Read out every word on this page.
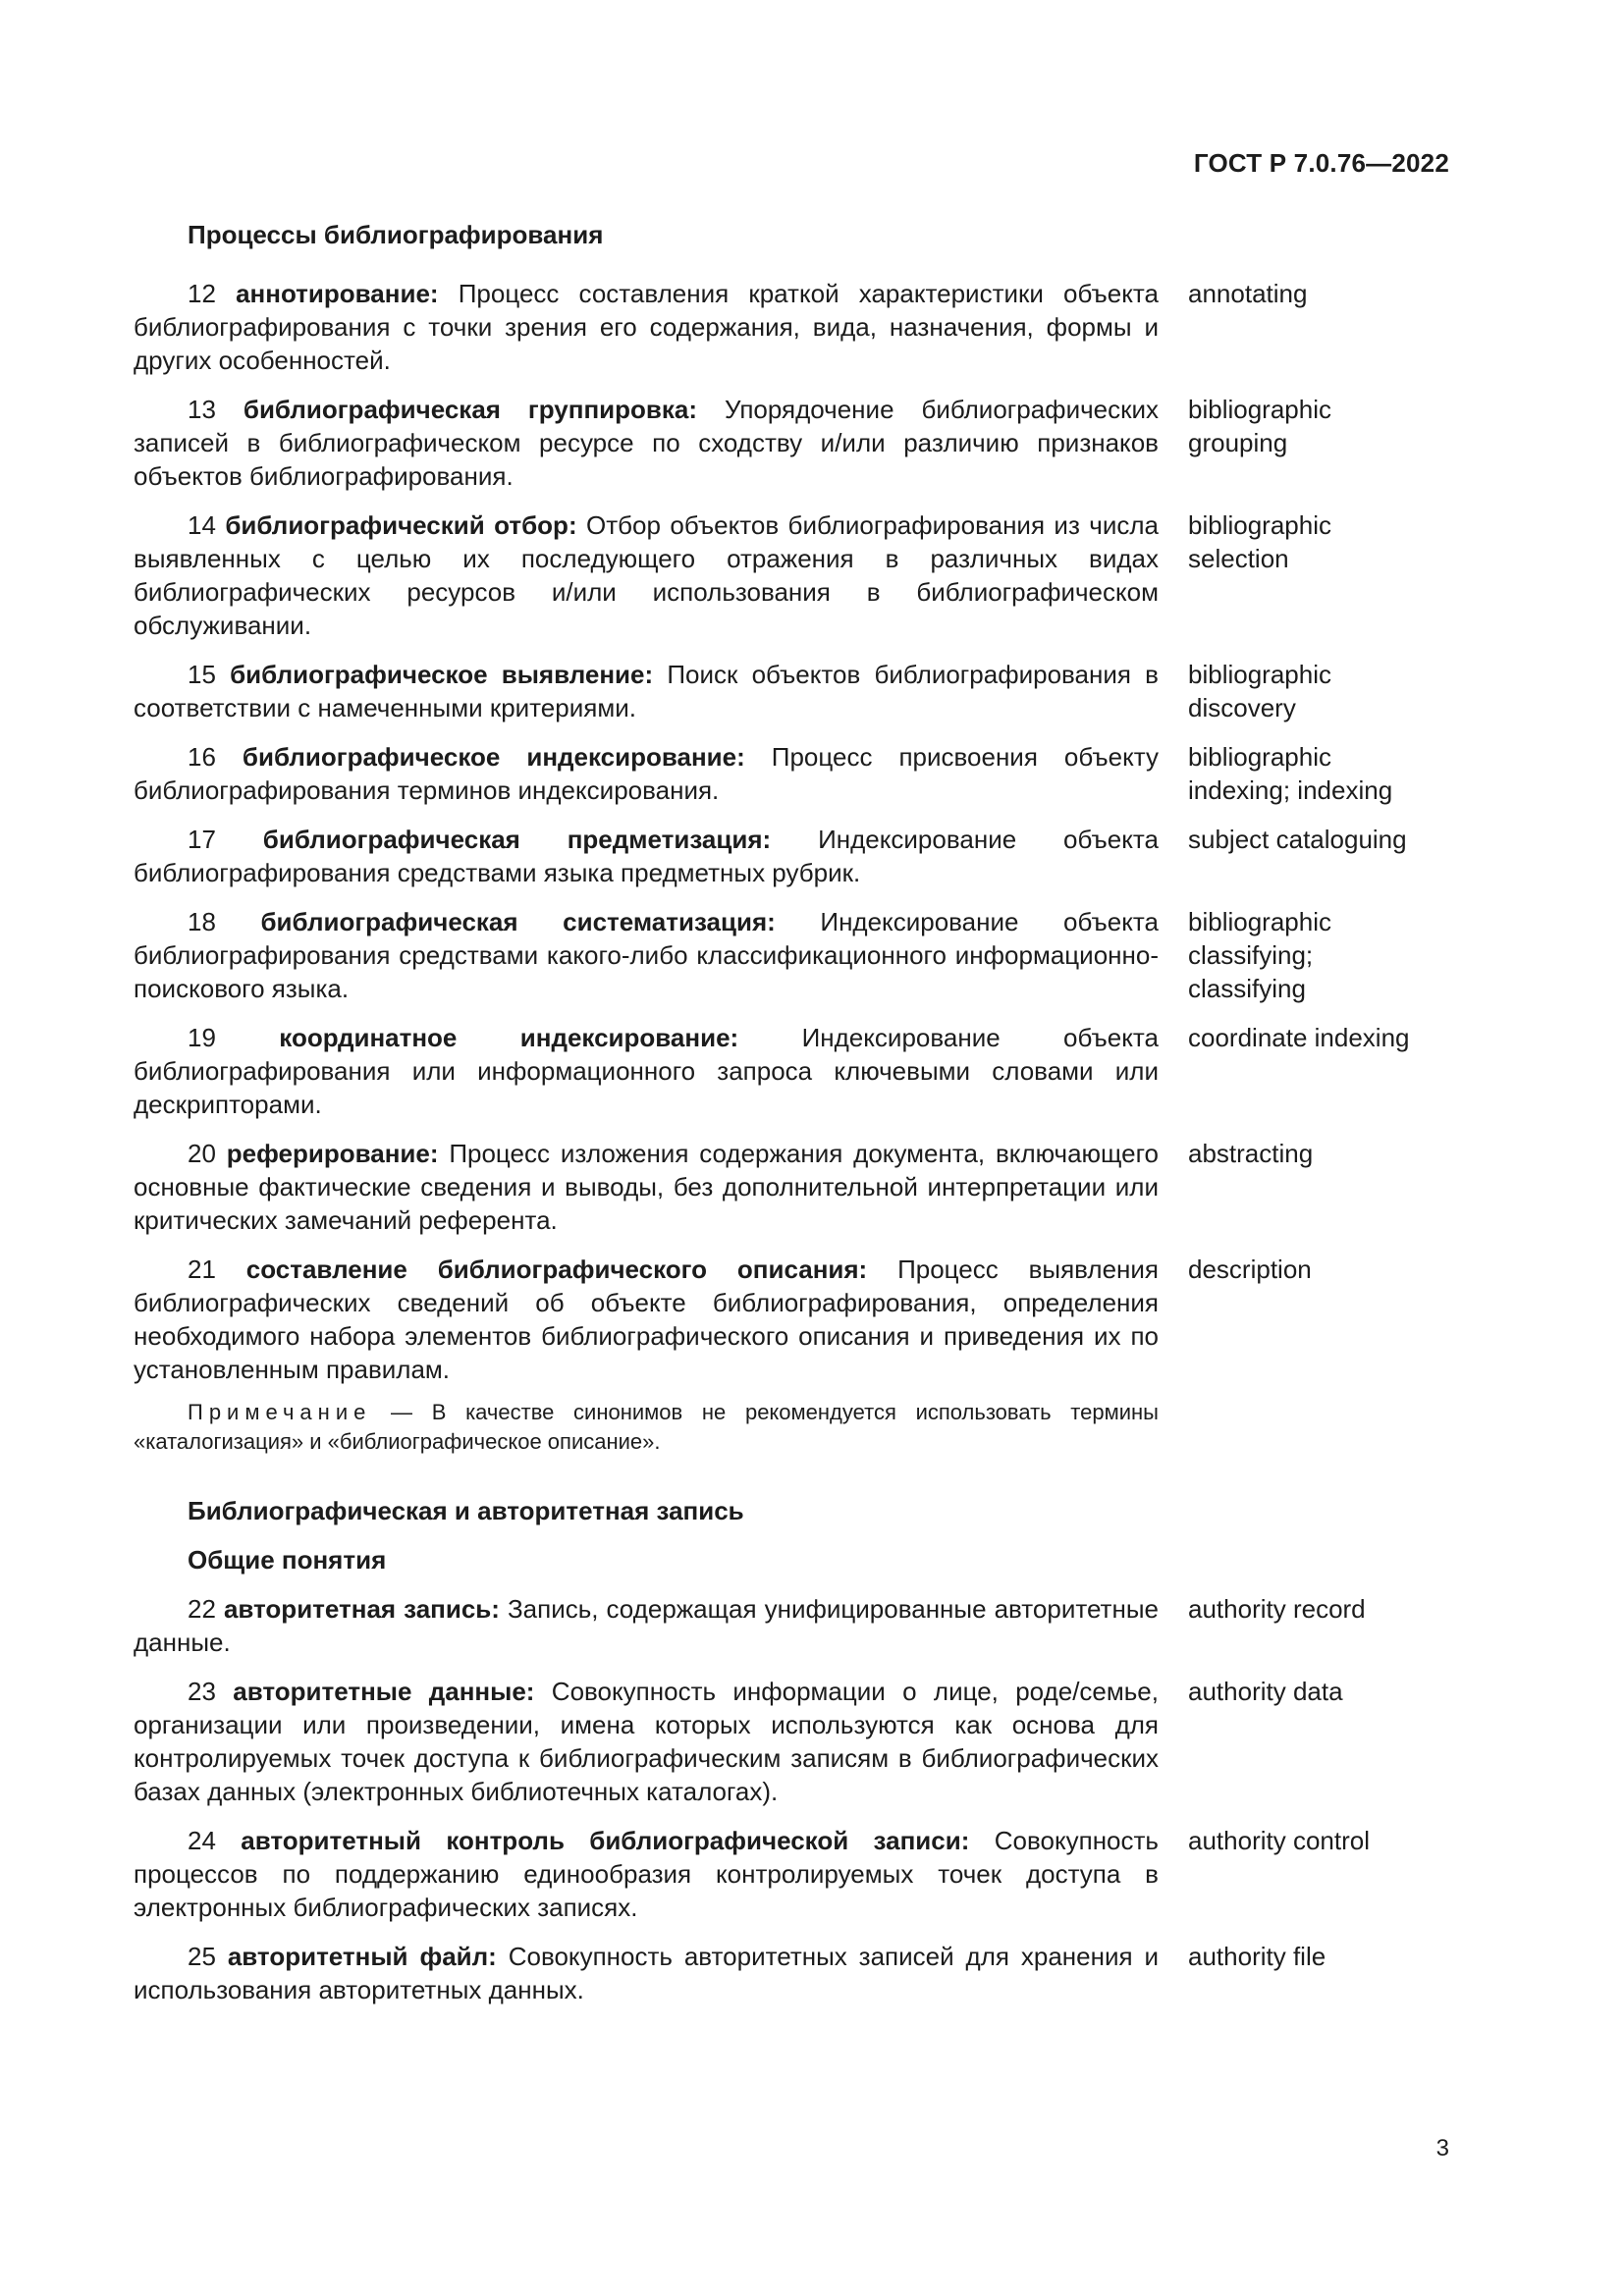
ГОСТ Р 7.0.76—2022
Процессы библиографирования

12 аннотирование: Процесс составления краткой характеристики объекта библиографирования с точки зрения его содержания, вида, назначения, формы и других особенностей.

annotating

13 библиографическая группировка: Упорядочение библиографических записей в библиографическом ресурсе по сходству и/или различию признаков объектов библиографирования.

bibliographic
grouping

14 библиографический отбор: Отбор объектов библиографирования из числа выявленных с целью их последующего отражения в различных видах библиографических ресурсов и/или использования в библиографическом обслуживании.

bibliographic
selection

15 библиографическое выявление: Поиск объектов библиографирования в соответствии с намеченными критериями.

bibliographic
discovery

16 библиографическое индексирование: Процесс присвоения объекту библиографирования терминов индексирования.

bibliographic
indexing; indexing

17 библиографическая предметизация: Индексирование объекта библиографирования средствами языка предметных рубрик.

subject cataloguing

18 библиографическая систематизация: Индексирование объекта библиографирования средствами какого-либо классификационного информационно-поискового языка.

bibliographic
classifying;
classifying

19 координатное индексирование: Индексирование объекта библиографирования или информационного запроса ключевыми словами или дескрипторами.

coordinate indexing

20 реферирование: Процесс изложения содержания документа, включающего основные фактические сведения и выводы, без дополнительной интерпретации или критических замечаний референта.

abstracting

21 составление библиографического описания: Процесс выявления библиографических сведений об объекте библиографирования, определения необходимого набора элементов библиографического описания и приведения их по установленным правилам.

description

Примечание — В качестве синонимов не рекомендуется использовать термины «каталогизация» и «библиографическое описание».

Библиографическая и авторитетная запись
Общие понятия

22 авторитетная запись: Запись, содержащая унифицированные авторитетные данные.

authority record

23 авторитетные данные: Совокупность информации о лице, роде/семье, организации или произведении, имена которых используются как основа для контролируемых точек доступа к библиографическим записям в библиографических базах данных (электронных библиотечных каталогах).

authority data

24 авторитетный контроль библиографической записи: Совокупность процессов по поддержанию единообразия контролируемых точек доступа в электронных библиографических записях.

authority control

25 авторитетный файл: Совокупность авторитетных записей для хранения и использования авторитетных данных.

authority file
3
